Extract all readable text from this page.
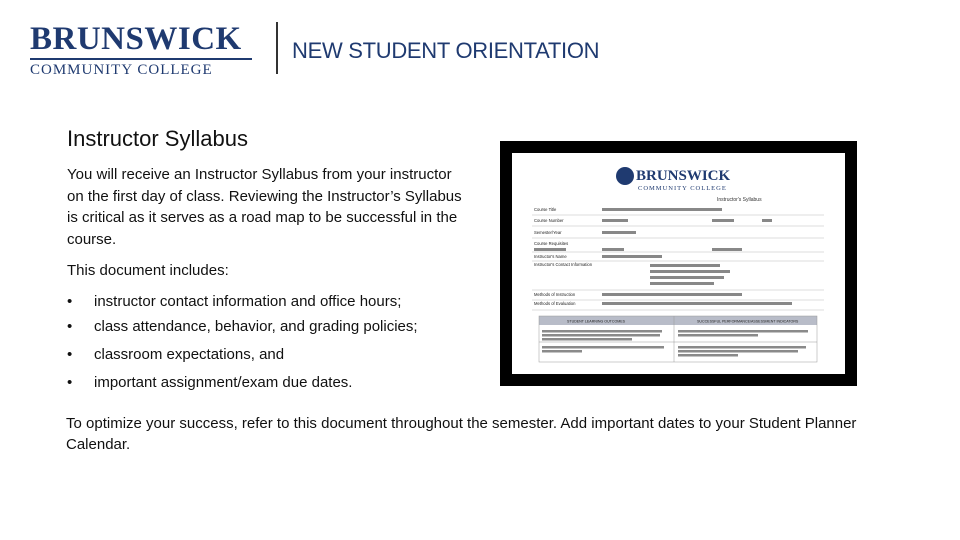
BRUNSWICK
COMMUNITY COLLEGE
NEW STUDENT ORIENTATION
Instructor Syllabus

You will receive an Instructor Syllabus from your instructor on the first day of class. Reviewing the Instructor’s Syllabus is critical as it serves as a road map to be successful in the course.

This document includes:

• instructor contact information and office hours;
• class attendance, behavior, and grading policies;
• classroom expectations, and
• important assignment/exam due dates.

To optimize your success, refer to this document throughout the semester. Add important dates to your Student Planner Calendar.

BRUNSWICK
COMMUNITY COLLEGE
Instructor's Syllabus
Course Title
Course Number
Semester/Year
Course Requisites
Instructor's Name
Instructor's Contact Information
Methods of Instruction
Methods of Evaluation
STUDENT LEARNING OUTCOMES	SUCCESSFUL PERFORMANCE/ASSESSMENT INDICATORS
